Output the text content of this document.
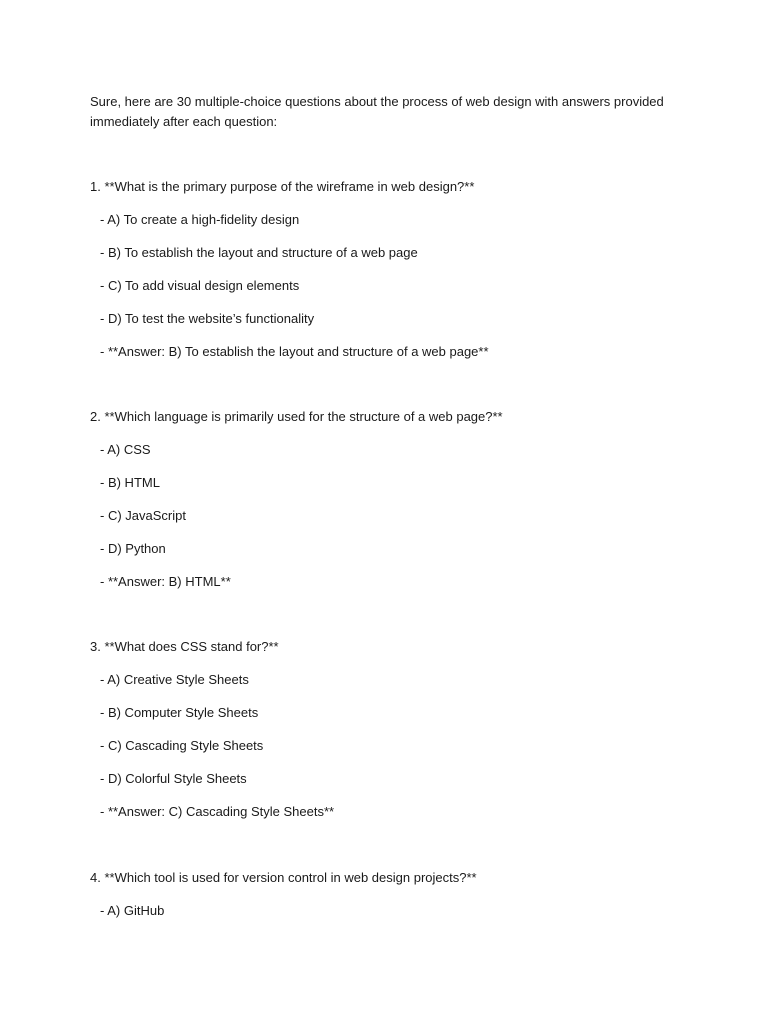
Sure, here are 30 multiple-choice questions about the process of web design with answers provided immediately after each question:

1. **What is the primary purpose of the wireframe in web design?**

- A) To create a high-fidelity design

- B) To establish the layout and structure of a web page

- C) To add visual design elements

- D) To test the website’s functionality

- **Answer: B) To establish the layout and structure of a web page**

2. **Which language is primarily used for the structure of a web page?**

- A) CSS

- B) HTML

- C) JavaScript

- D) Python

- **Answer: B) HTML**

3. **What does CSS stand for?**

- A) Creative Style Sheets

- B) Computer Style Sheets

- C) Cascading Style Sheets

- D) Colorful Style Sheets

- **Answer: C) Cascading Style Sheets**

4. **Which tool is used for version control in web design projects?**

- A) GitHub
